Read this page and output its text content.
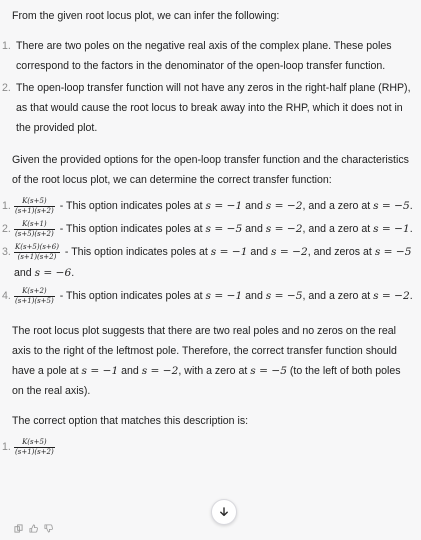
From the given root locus plot, we can infer the following:

1. There are two poles on the negative real axis of the complex plane. These poles correspond to the factors in the denominator of the open-loop transfer function.
2. The open-loop transfer function will not have any zeros in the right-half plane (RHP), as that would cause the root locus to break away into the RHP, which it does not in the provided plot.

Given the provided options for the open-loop transfer function and the characteristics of the root locus plot, we can determine the correct transfer function:

1. $\frac{K(s+5)}{(s+1)(s+2)}$ - This option indicates poles at s = −1 and s = −2, and a zero at s = −5.
2. $\frac{K(s+1)}{(s+5)(s+2)}$ - This option indicates poles at s = −5 and s = −2, and a zero at s = −1.
3. $\frac{K(s+5)(s+6)}{(s+1)(s+2)}$ - This option indicates poles at s = −1 and s = −2, and zeros at s = −5 and s = −6.
4. $\frac{K(s+2)}{(s+1)(s+5)}$ - This option indicates poles at s = −1 and s = −5, and a zero at s = −2.

The root locus plot suggests that there are two real poles and no zeros on the real axis to the right of the leftmost pole. Therefore, the correct transfer function should have a pole at s = −1 and s = −2, with a zero at s = −5 (to the left of both poles on the real axis).

The correct option that matches this description is:

1. $\frac{K(s+5)}{(s+1)(s+2)}$
